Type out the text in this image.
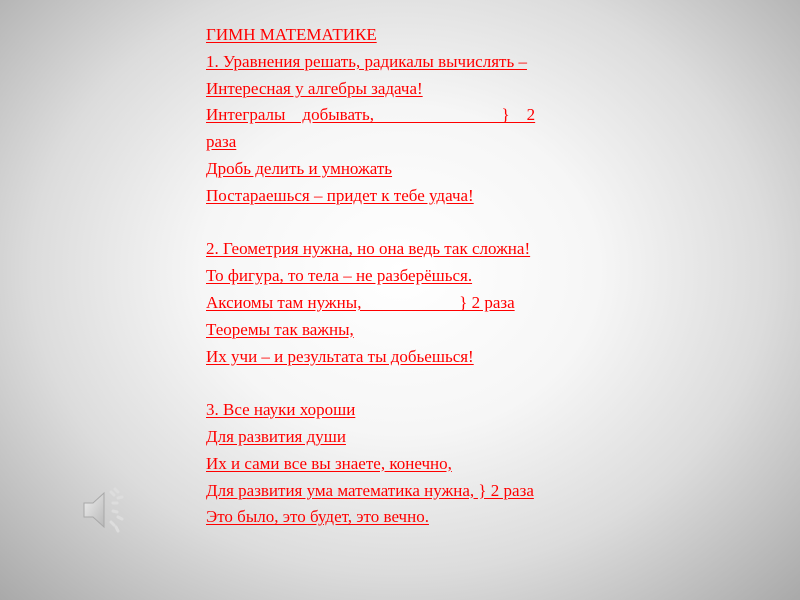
ГИМН МАТЕМАТИКЕ
1. Уравнения решать, радикалы вычислять –
Интересная у алгебры задача!
Интегралы    добывать,                              }    2
раза
Дробь делить и умножать
Постараешься – придет к тебе удача!
2. Геометрия нужна, но она ведь так сложна!
То фигура, то тела – не разберёшься.
Аксиомы там нужны,                       } 2 раза
Теоремы так важны,
Их учи – и результата ты добьешься!
3. Все науки хороши
Для развития души
Их и сами все вы знаете, конечно,
Для развития ума математика нужна, } 2 раза
Это было, это будет, это вечно.
